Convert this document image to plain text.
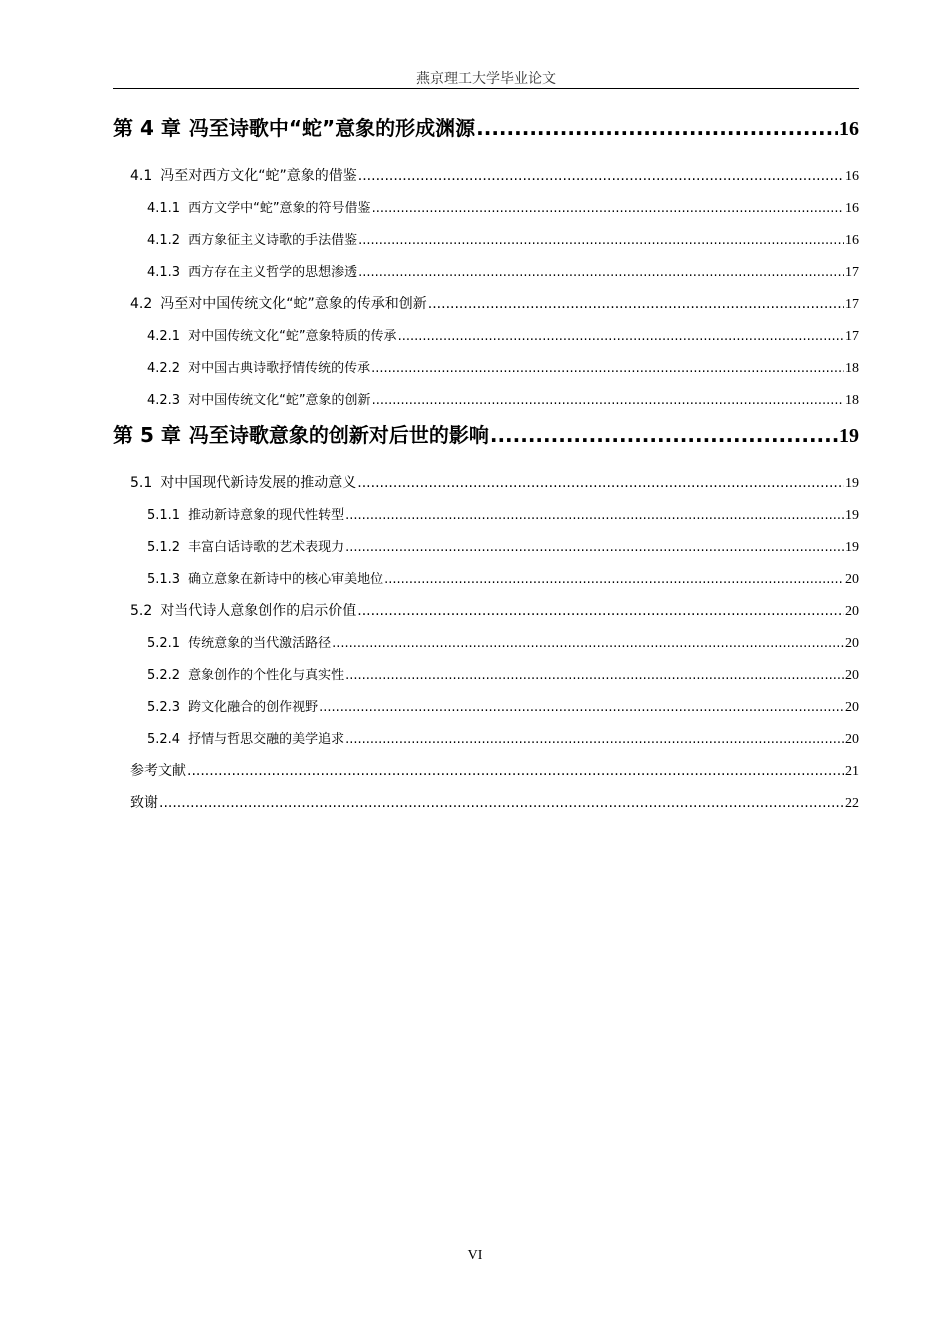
燕京理工大学毕业论文
第 4 章 冯至诗歌中“蛇”意象的形成渊源 .....	16
4.1 冯至对西方文化“蛇”意象的借鉴 .....	16
4.1.1 西方文学中“蛇”意象的符号借鉴 .....	16
4.1.2 西方象征主义诗歌的手法借鉴 .....	16
4.1.3 西方存在主义哲学的思想渗透 .....	17
4.2 冯至对中国传统文化“蛇”意象的传承和创新 .....	17
4.2.1 对中国传统文化“蛇”意象特质的传承 .....	17
4.2.2 对中国古典诗歌抒情传统的传承 .....	18
4.2.3 对中国传统文化“蛇”意象的创新 .....	18
第 5 章 冯至诗歌意象的创新对后世的影响 .....	19
5.1 对中国现代新诗发展的推动意义 .....	19
5.1.1 推动新诗意象的现代性转型 .....	19
5.1.2 丰富白话诗歌的艺术表现力 .....	19
5.1.3 确立意象在新诗中的核心审美地位 .....	20
5.2 对当代诗人意象创作的启示价值 .....	20
5.2.1 传统意象的当代激活路径 .....	20
5.2.2 意象创作的个性化与真实性 .....	20
5.2.3 跨文化融合的创作视野 .....	20
5.2.4 抒情与哲思交融的美学追求 .....	20
参考文献 .....	21
致谢 .....	22
VI
